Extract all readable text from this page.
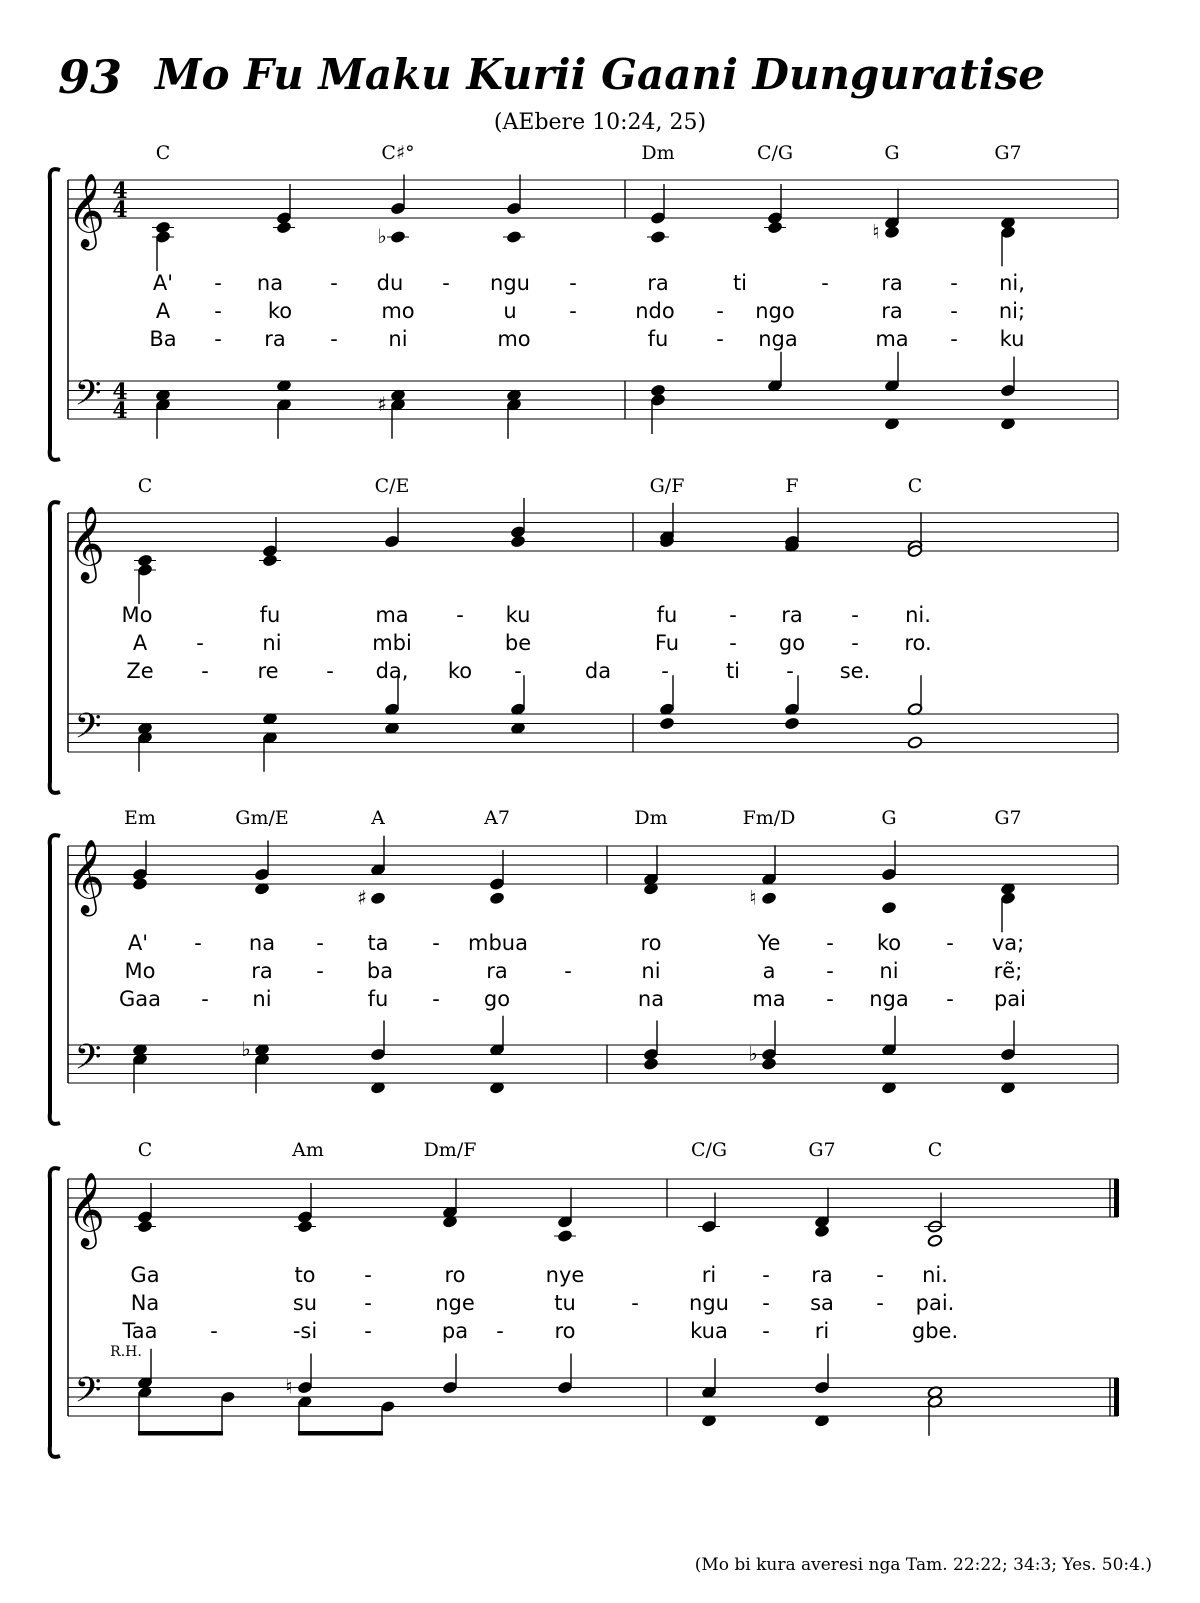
93 Mo Fu Maku Kurii Gaani Dunguratise
(AEbere 10:24, 25)
𝄞 4
4
𝄢 4
4
♭	♮
♯
C	C♯°	Dm	C/G	G	G7
A' - na - du - ngu -	ra	ti	- ra - ni,
A - ko	mo	u	-	ndo - ngo	ra - ni;
Ba - ra - ni	mo	fu - nga	ma - ku
𝄞
𝄢
C	C/E	G/F	F	C
Mo	fu	ma - ku	fu - ra - ni.
A -	ni	mbi	be	Fu - go - ro.
Ze - re - da, ko -	da -	ti - se.
𝄞
𝄢
♯	♮
♭	♭
Em	Gm/E	A	A7	Dm	Fm/D	G	G7
A' - na - ta - mbua	ro	Ye - ko - va;
Mo	ra - ba	ra	-	ni	a - ni	rẽ;
Gaa - ni	fu - go	na	ma - nga - pai
𝄞
𝄢	♮
R.H.
C	Am	Dm/F	C/G	G7	C
Ga	to -	ro	nye	ri - ra - ni.
Na	su -	nge	tu	- ngu - sa - pai.
Taa	-	-si -	pa - ro	kua - ri	gbe.
(Mo bi kura averesi nga Tam. 22:22; 34:3; Yes. 50:4.)
